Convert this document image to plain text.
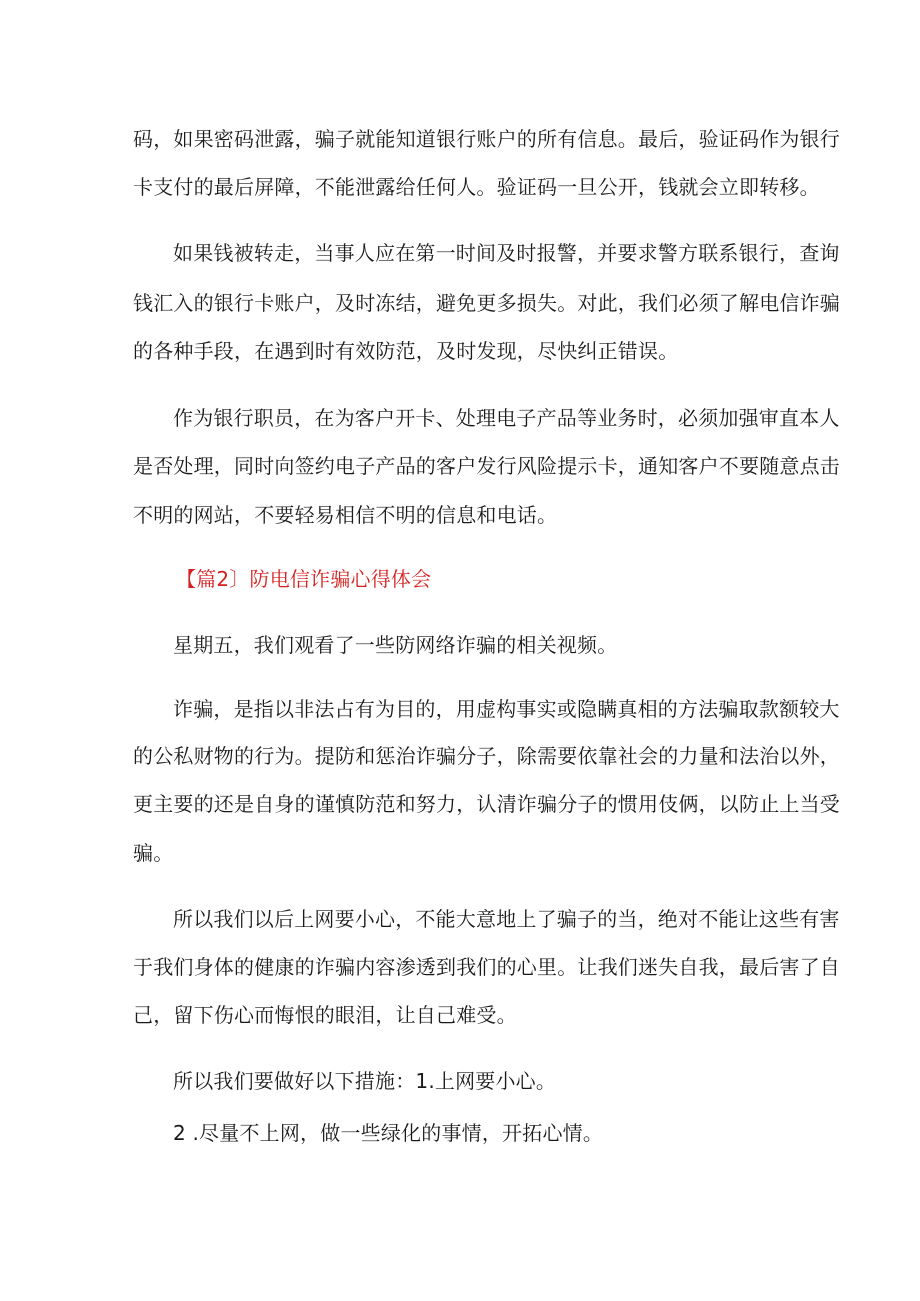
码，如果密码泄露，骗子就能知道银行账户的所有信息。最后，验证码作为银行
卡支付的最后屏障，不能泄露给任何人。验证码一旦公开，钱就会立即转移。
如果钱被转走，当事人应在第一时间及时报警，并要求警方联系银行，查询
钱汇入的银行卡账户，及时冻结，避免更多损失。对此，我们必须了解电信诈骗
的各种手段，在遇到时有效防范，及时发现，尽快纠正错误。
作为银行职员，在为客户开卡、处理电子产品等业务时，必须加强审直本人
是否处理，同时向签约电子产品的客户发行风险提示卡，通知客户不要随意点击
不明的网站，不要轻易相信不明的信息和电话。
【篇2〕防电信诈骗心得体会
星期五，我们观看了一些防网络诈骗的相关视频。
诈骗，是指以非法占有为目的，用虚构事实或隐瞒真相的方法骗取款额较大
的公私财物的行为。提防和惩治诈骗分子，除需要依靠社会的力量和法治以外，
更主要的还是自身的谨慎防范和努力，认清诈骗分子的惯用伎俩，以防止上当受
骗。
所以我们以后上网要小心，不能大意地上了骗子的当，绝对不能让这些有害
于我们身体的健康的诈骗内容渗透到我们的心里。让我们迷失自我，最后害了自
己，留下伤心而悔恨的眼泪，让自己难受。
所以我们要做好以下措施：1.上网要小心。
2 .尽量不上网，做一些绿化的事情，开拓心情。
